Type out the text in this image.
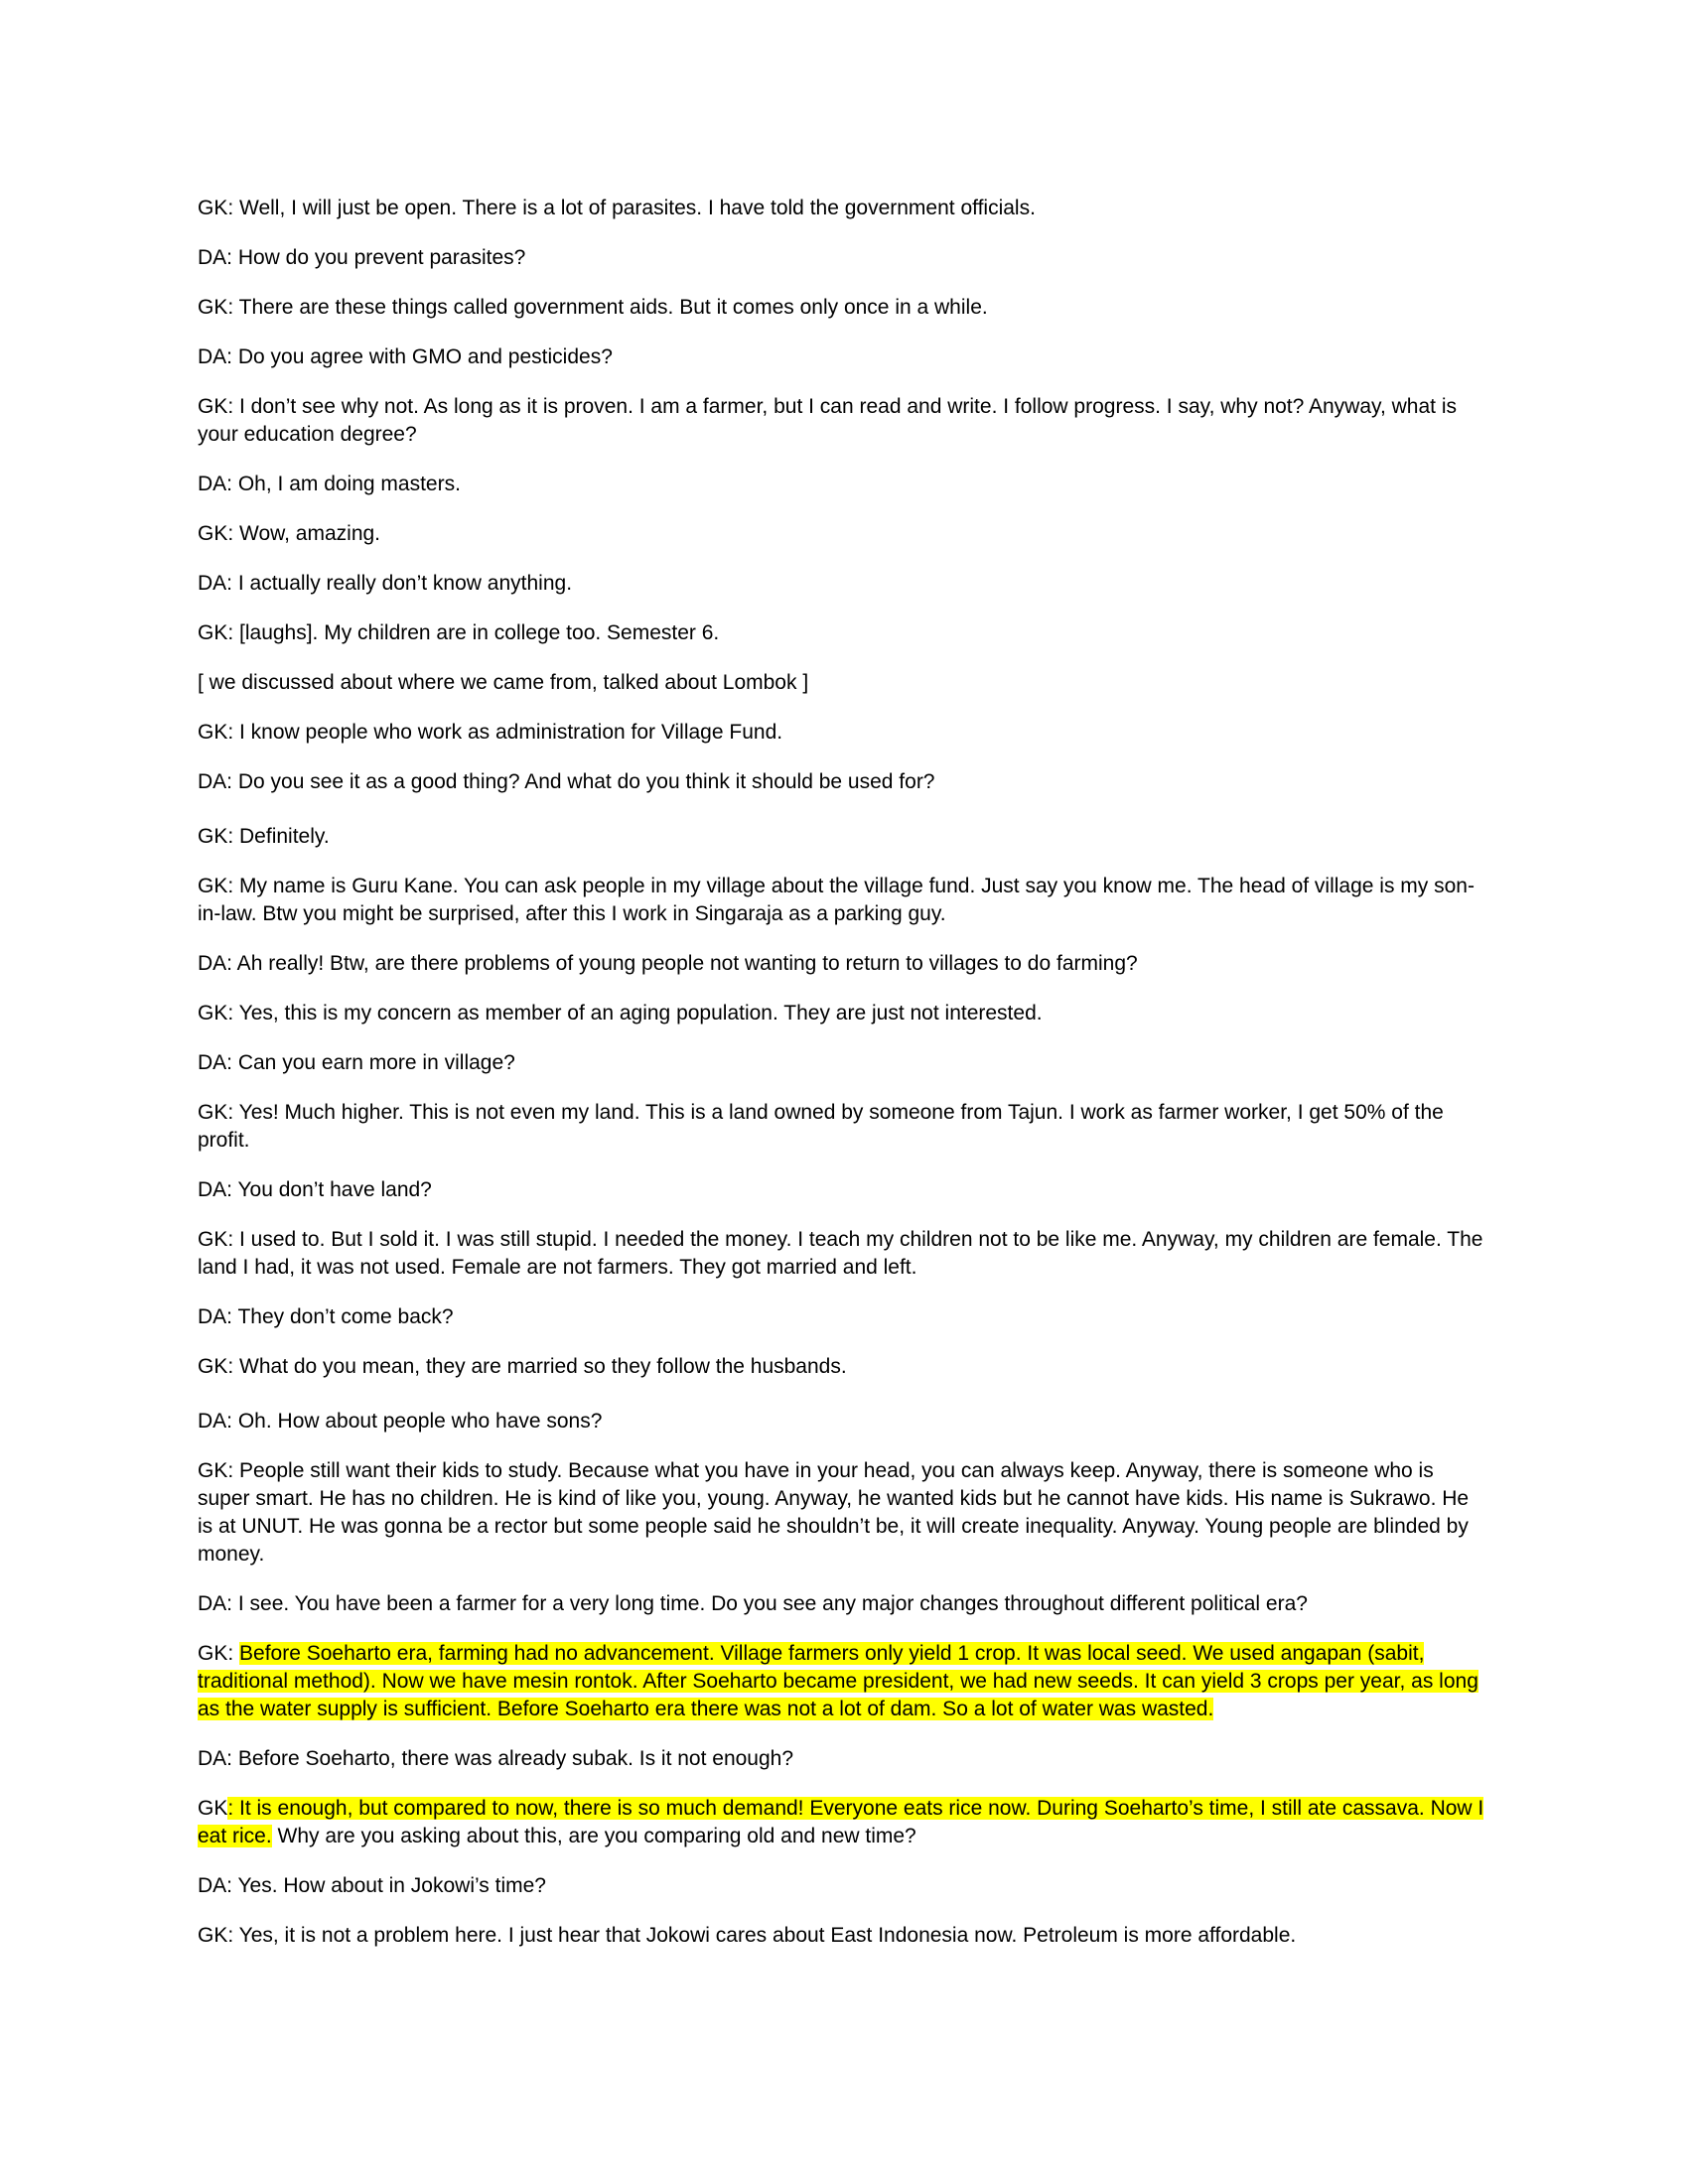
GK: Well, I will just be open. There is a lot of parasites. I have told the government officials.

DA: How do you prevent parasites?

GK: There are these things called government aids. But it comes only once in a while.

DA: Do you agree with GMO and pesticides?

GK: I don’t see why not. As long as it is proven. I am a farmer, but I can read and write. I follow progress. I say, why not? Anyway, what is your education degree?

DA: Oh, I am doing masters.

GK: Wow, amazing.

DA: I actually really don’t know anything.

GK: [laughs]. My children are in college too. Semester 6.

[ we discussed about where we came from, talked about Lombok ]

GK: I know people who work as administration for Village Fund.

DA: Do you see it as a good thing? And what do you think it should be used for?

GK: Definitely.

GK: My name is Guru Kane. You can ask people in my village about the village fund. Just say you know me. The head of village is my son-in-law. Btw you might be surprised, after this I work in Singaraja as a parking guy.

DA: Ah really! Btw, are there problems of young people not wanting to return to villages to do farming?

GK: Yes, this is my concern as member of an aging population. They are just not interested.

DA: Can you earn more in village?

GK: Yes! Much higher. This is not even my land. This is a land owned by someone from Tajun. I work as farmer worker, I get 50% of the profit.

DA: You don’t have land?

GK: I used to. But I sold it. I was still stupid. I needed the money. I teach my children not to be like me. Anyway, my children are female. The land I had, it was not used. Female are not farmers. They got married and left.

DA: They don’t come back?

GK: What do you mean, they are married so they follow the husbands.

DA: Oh. How about people who have sons?

GK: People still want their kids to study. Because what you have in your head, you can always keep. Anyway, there is someone who is super smart. He has no children. He is kind of like you, young. Anyway, he wanted kids but he cannot have kids. His name is Sukrawo. He is at UNUT. He was gonna be a rector but some people said he shouldn’t be, it will create inequality. Anyway. Young people are blinded by money.

DA: I see. You have been a farmer for a very long time. Do you see any major changes throughout different political era?

GK: Before Soeharto era, farming had no advancement. Village farmers only yield 1 crop. It was local seed. We used angapan (sabit, traditional method). Now we have mesin rontok. After Soeharto became president, we had new seeds. It can yield 3 crops per year, as long as the water supply is sufficient. Before Soeharto era there was not a lot of dam. So a lot of water was wasted.

DA: Before Soeharto, there was already subak. Is it not enough?

GK: It is enough, but compared to now, there is so much demand! Everyone eats rice now. During Soeharto’s time, I still ate cassava. Now I eat rice. Why are you asking about this, are you comparing old and new time?

DA: Yes. How about in Jokowi’s time?

GK: Yes, it is not a problem here. I just hear that Jokowi cares about East Indonesia now. Petroleum is more affordable.
